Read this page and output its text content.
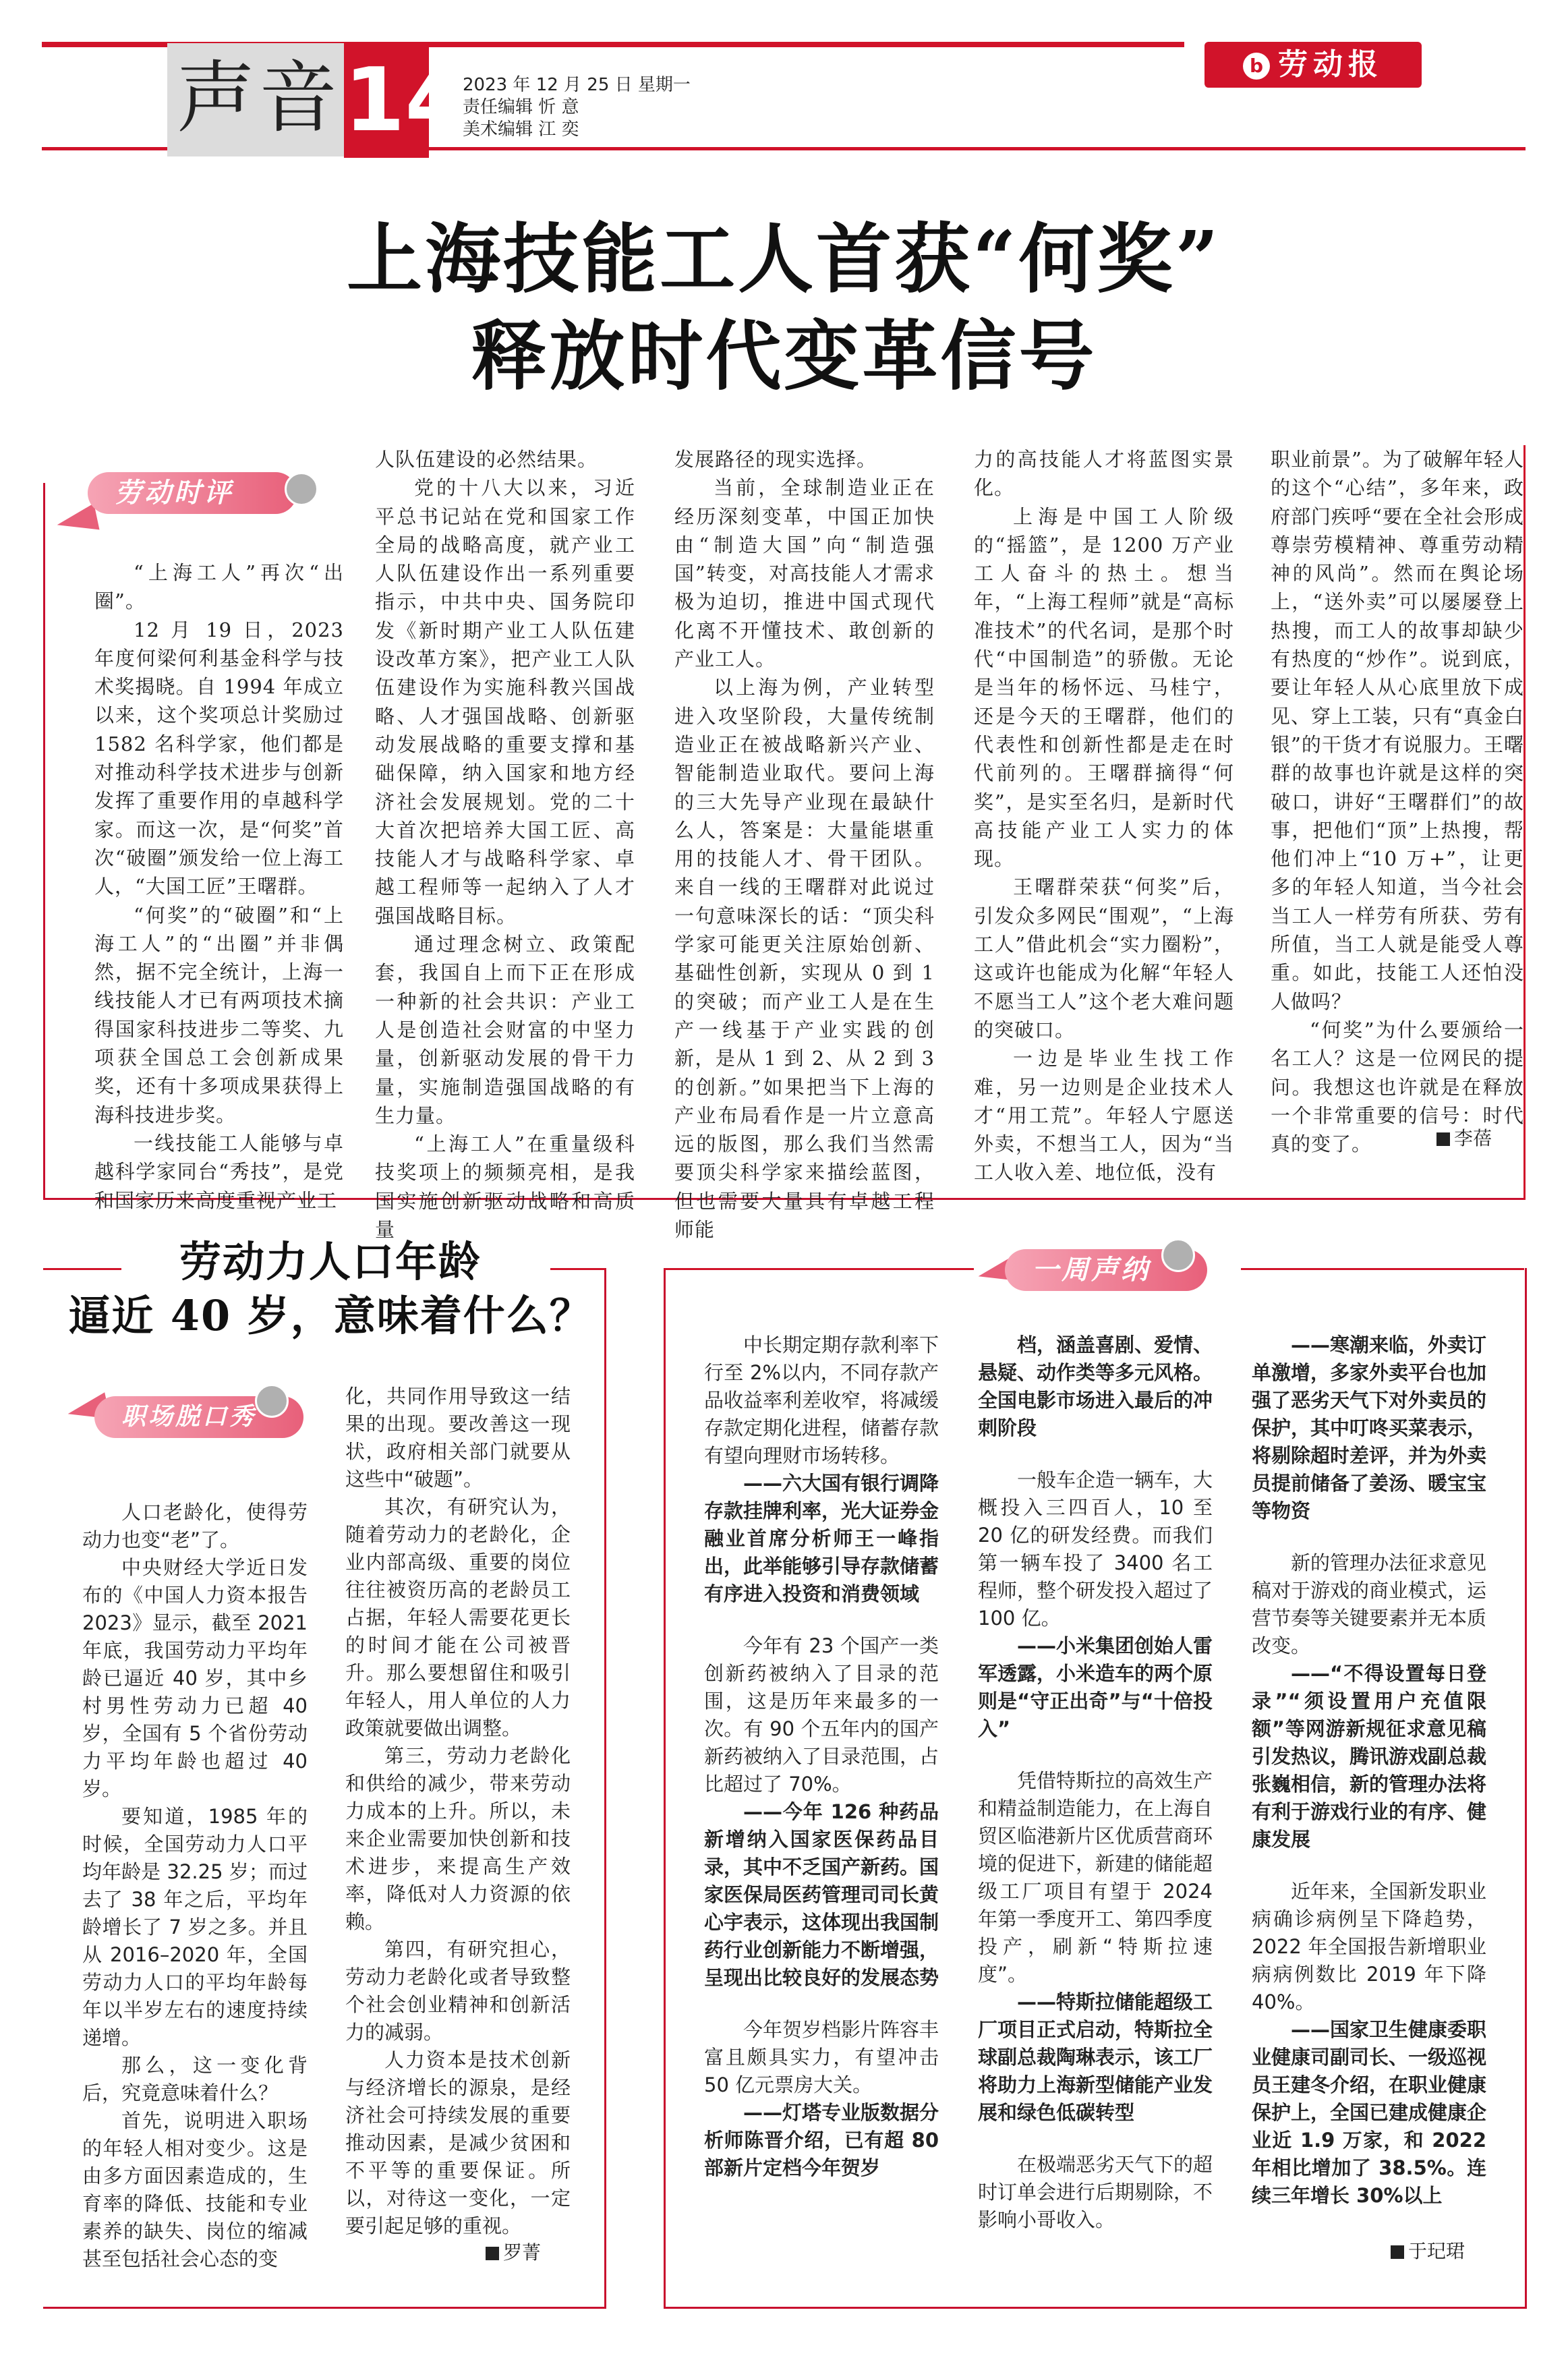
声音 14
2023 年 12 月 25 日 星期一
责任编辑 忻 意
美术编辑 江 奕
b 劳动报
上海技能工人首获“何奖”
释放时代变革信号
劳动时评

“上海工人”再次“出圈”。

12 月 19 日，2023 年度何梁何利基金科学与技术奖揭晓。自 1994 年成立以来，这个奖项总计奖励过 1582 名科学家，他们都是对推动科学技术进步与创新发挥了重要作用的卓越科学家。而这一次，是“何奖”首次“破圈”颁发给一位上海工人，“大国工匠”王曙群。

“何奖”的“破圈”和“上海工人”的“出圈”并非偶然，据不完全统计，上海一线技能人才已有两项技术摘得国家科技进步二等奖、九项获全国总工会创新成果奖，还有十多项成果获得上海科技进步奖。

一线技能工人能够与卓越科学家同台“秀技”，是党和国家历来高度重视产业工

人队伍建设的必然结果。

党的十八大以来，习近平总书记站在党和国家工作全局的战略高度，就产业工人队伍建设作出一系列重要指示，中共中央、国务院印发《新时期产业工人队伍建设改革方案》，把产业工人队伍建设作为实施科教兴国战略、人才强国战略、创新驱动发展战略的重要支撑和基础保障，纳入国家和地方经济社会发展规划。党的二十大首次把培养大国工匠、高技能人才与战略科学家、卓越工程师等一起纳入了人才强国战略目标。

通过理念树立、政策配套，我国自上而下正在形成一种新的社会共识：产业工人是创造社会财富的中坚力量，创新驱动发展的骨干力量，实施制造强国战略的有生力量。

“上海工人”在重量级科技奖项上的频频亮相，是我国实施创新驱动战略和高质量

发展路径的现实选择。

当前，全球制造业正在经历深刻变革，中国正加快由“制造大国”向“制造强国”转变，对高技能人才需求极为迫切，推进中国式现代化离不开懂技术、敢创新的产业工人。

以上海为例，产业转型进入攻坚阶段，大量传统制造业正在被战略新兴产业、智能制造业取代。要问上海的三大先导产业现在最缺什么人，答案是：大量能堪重用的技能人才、骨干团队。来自一线的王曙群对此说过一句意味深长的话：“顶尖科学家可能更关注原始创新、基础性创新，实现从 0 到 1 的突破；而产业工人是在生产一线基于产业实践的创新，是从 1 到 2、从 2 到 3 的创新。”如果把当下上海的产业布局看作是一片立意高远的版图，那么我们当然需要顶尖科学家来描绘蓝图，但也需要大量具有卓越工程师能

力的高技能人才将蓝图实景化。

上海是中国工人阶级的“摇篮”，是 1200 万产业工人奋斗的热土。想当年，“上海工程师”就是“高标准技术”的代名词，是那个时代“中国制造”的骄傲。无论是当年的杨怀远、马桂宁，还是今天的王曙群，他们的代表性和创新性都是走在时代前列的。王曙群摘得“何奖”，是实至名归，是新时代高技能产业工人实力的体现。

王曙群荣获“何奖”后，引发众多网民“围观”，“上海工人”借此机会“实力圈粉”，这或许也能成为化解“年轻人不愿当工人”这个老大难问题的突破口。

一边是毕业生找工作难，另一边则是企业技术人才“用工荒”。年轻人宁愿送外卖，不想当工人，因为“当工人收入差、地位低，没有

职业前景”。为了破解年轻人的这个“心结”，多年来，政府部门疾呼“要在全社会形成尊崇劳模精神、尊重劳动精神的风尚”。然而在舆论场上，“送外卖”可以屡屡登上热搜，而工人的故事却缺少有热度的“炒作”。说到底，要让年轻人从心底里放下成见、穿上工装，只有“真金白银”的干货才有说服力。王曙群的故事也许就是这样的突破口，讲好“王曙群们”的故事，把他们“顶”上热搜，帮他们冲上“10 万+”，让更多的年轻人知道，当今社会当工人一样劳有所获、劳有所值，当工人就是能受人尊重。如此，技能工人还怕没人做吗？

“何奖”为什么要颁给一名工人？这是一位网民的提问。我想这也许就是在释放一个非常重要的信号：时代真的变了。	李蓓
劳动力人口年龄
逼近 40 岁，意味着什么？
职场脱口秀

人口老龄化，使得劳动力也变“老”了。

中央财经大学近日发布的《中国人力资本报告 2023》显示，截至 2021 年底，我国劳动力平均年龄已逼近 40 岁，其中乡村男性劳动力已超 40 岁，全国有 5 个省份劳动力平均年龄也超过 40 岁。

要知道，1985 年的时候，全国劳动力人口平均年龄是 32.25 岁；而过去了 38 年之后，平均年龄增长了 7 岁之多。并且从 2016–2020 年，全国劳动力人口的平均年龄每年以半岁左右的速度持续递增。

那么，这一变化背后，究竟意味着什么？

首先，说明进入职场的年轻人相对变少。这是由多方面因素造成的，生育率的降低、技能和专业素养的缺失、岗位的缩减甚至包括社会心态的变

化，共同作用导致这一结果的出现。要改善这一现状，政府相关部门就要从这些中“破题”。

其次，有研究认为，随着劳动力的老龄化，企业内部高级、重要的岗位往往被资历高的老龄员工占据，年轻人需要花更长的时间才能在公司被晋升。那么要想留住和吸引年轻人，用人单位的人力政策就要做出调整。

第三，劳动力老龄化和供给的减少，带来劳动力成本的上升。所以，未来企业需要加快创新和技术进步，来提高生产效率，降低对人力资源的依赖。

第四，有研究担心，劳动力老龄化或者导致整个社会创业精神和创新活力的减弱。

人力资本是技术创新与经济增长的源泉，是经济社会可持续发展的重要推动因素，是减少贫困和不平等的重要保证。所以，对待这一变化，一定要引起足够的重视。

罗菁
一周声纳

中长期定期存款利率下行至 2%以内，不同存款产品收益率利差收窄，将减缓存款定期化进程，储蓄存款有望向理财市场转移。

——六大国有银行调降存款挂牌利率，光大证券金融业首席分析师王一峰指出，此举能够引导存款储蓄有序进入投资和消费领域

今年有 23 个国产一类创新药被纳入了目录的范围，这是历年来最多的一次。有 90 个五年内的国产新药被纳入了目录范围，占比超过了 70%。

——今年 126 种药品新增纳入国家医保药品目录，其中不乏国产新药。国家医保局医药管理司司长黄心宇表示，这体现出我国制药行业创新能力不断增强，呈现出比较良好的发展态势

今年贺岁档影片阵容丰富且颇具实力，有望冲击 50 亿元票房大关。

——灯塔专业版数据分析师陈晋介绍，已有超 80 部新片定档今年贺岁

档，涵盖喜剧、爱情、悬疑、动作类等多元风格。全国电影市场进入最后的冲刺阶段

一般车企造一辆车，大概投入三四百人，10 至 20 亿的研发经费。而我们第一辆车投了 3400 名工程师，整个研发投入超过了 100 亿。

——小米集团创始人雷军透露，小米造车的两个原则是“守正出奇”与“十倍投入”

凭借特斯拉的高效生产和精益制造能力，在上海自贸区临港新片区优质营商环境的促进下，新建的储能超级工厂项目有望于 2024 年第一季度开工、第四季度投产，刷新“特斯拉速度”。

——特斯拉储能超级工厂项目正式启动，特斯拉全球副总裁陶琳表示，该工厂将助力上海新型储能产业发展和绿色低碳转型

在极端恶劣天气下的超时订单会进行后期剔除，不影响小哥收入。

——寒潮来临，外卖订单激增，多家外卖平台也加强了恶劣天气下对外卖员的保护，其中叮咚买菜表示，将剔除超时差评，并为外卖员提前储备了姜汤、暖宝宝等物资

新的管理办法征求意见稿对于游戏的商业模式，运营节奏等关键要素并无本质改变。

——“不得设置每日登录”“须设置用户充值限额”等网游新规征求意见稿引发热议，腾讯游戏副总裁张巍相信，新的管理办法将有利于游戏行业的有序、健康发展

近年来，全国新发职业病确诊病例呈下降趋势，2022 年全国报告新增职业病病例数比 2019 年下降 40%。

——国家卫生健康委职业健康司副司长、一级巡视员王建冬介绍，在职业健康保护上，全国已建成健康企业近 1.9 万家，和 2022 年相比增加了 38.5%。连续三年增长 30%以上

于玘珺
